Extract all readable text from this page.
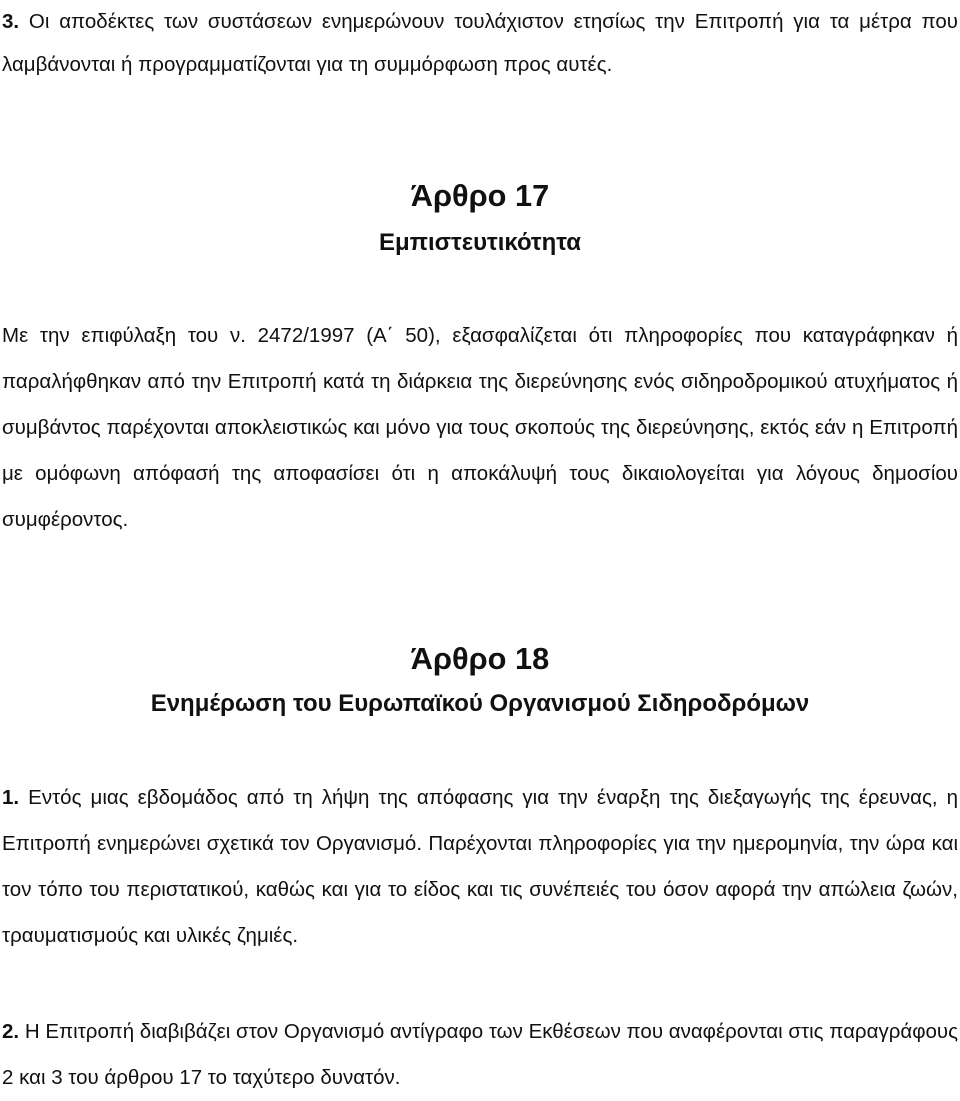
3. Οι αποδέκτες των συστάσεων ενημερώνουν τουλάχιστον ετησίως την Επιτροπή για τα μέτρα που λαμβάνονται ή προγραμματίζονται για τη συμμόρφωση προς αυτές.

Άρθρο 17
Εμπιστευτικότητα

Με την επιφύλαξη του ν. 2472/1997 (Α΄ 50), εξασφαλίζεται ότι πληροφορίες που καταγράφηκαν ή παραλήφθηκαν από την Επιτροπή κατά τη διάρκεια της διερεύνησης ενός σιδηροδρομικού ατυχήματος ή συμβάντος παρέχονται αποκλειστικώς και μόνο για τους σκοπούς της διερεύνησης, εκτός εάν η Επιτροπή με ομόφωνη απόφασή της αποφασίσει ότι η αποκάλυψή τους δικαιολογείται για λόγους δημοσίου συμφέροντος.

Άρθρο 18
Ενημέρωση του Ευρωπαϊκού Οργανισμού Σιδηροδρόμων

1. Εντός μιας εβδομάδος από τη λήψη της απόφασης για την έναρξη της διεξαγωγής της έρευνας, η Επιτροπή ενημερώνει σχετικά τον Οργανισμό. Παρέχονται πληροφορίες για την ημερομηνία, την ώρα και τον τόπο του περιστατικού, καθώς και για το είδος και τις συνέπειές του όσον αφορά την απώλεια ζωών, τραυματισμούς και υλικές ζημιές.

2. Η Επιτροπή διαβιβάζει στον Οργανισμό αντίγραφο των Εκθέσεων που αναφέρονται στις παραγράφους 2 και 3 του άρθρου 17 το ταχύτερο δυνατόν.
